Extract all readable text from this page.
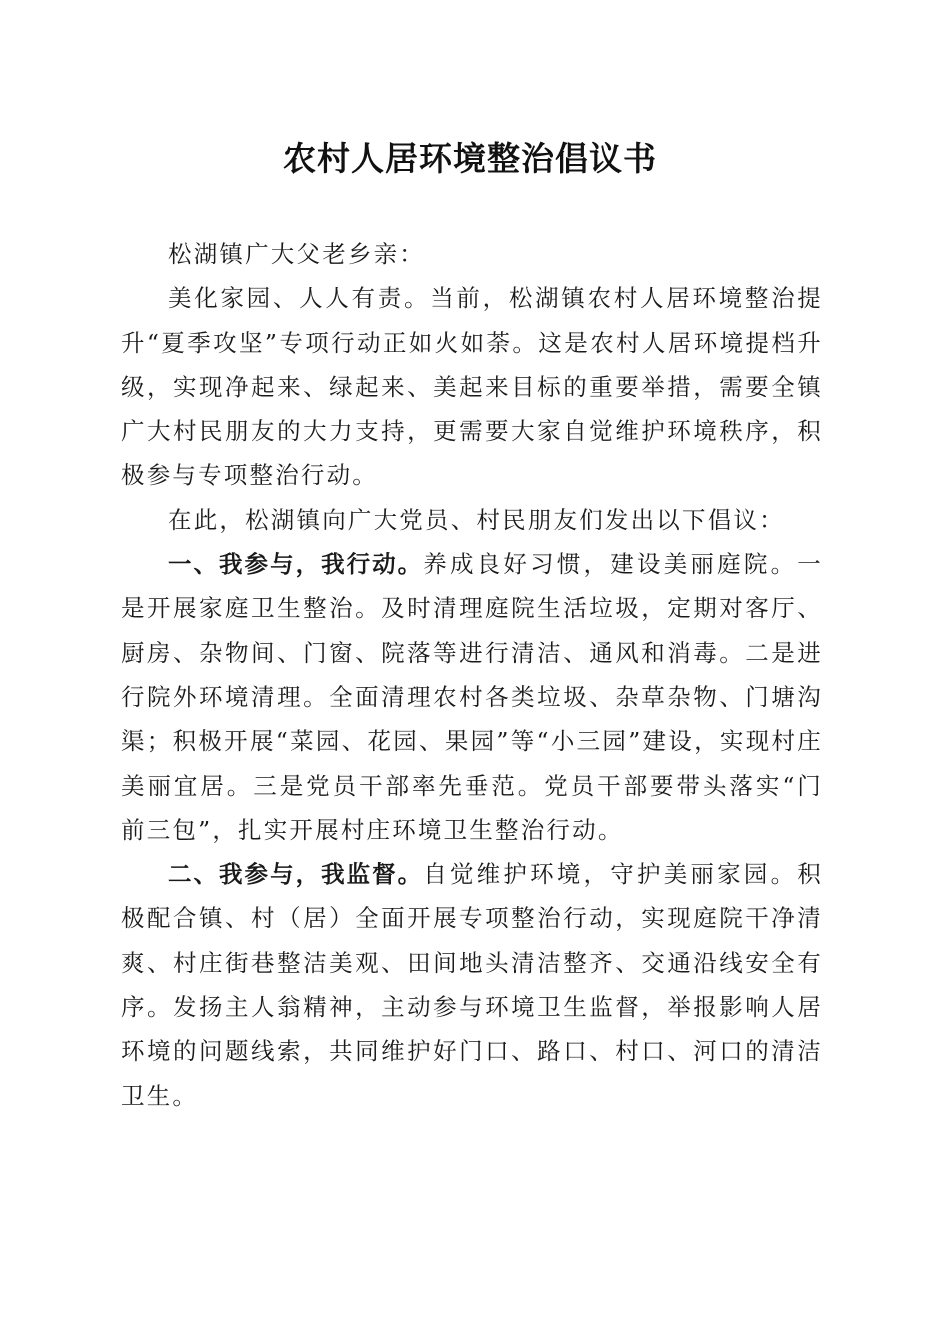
农村人居环境整治倡议书

松湖镇广大父老乡亲：

美化家园、人人有责。当前，松湖镇农村人居环境整治提升“夏季攻坚”专项行动正如火如荼。这是农村人居环境提档升级，实现净起来、绿起来、美起来目标的重要举措，需要全镇广大村民朋友的大力支持，更需要大家自觉维护环境秩序，积极参与专项整治行动。

在此，松湖镇向广大党员、村民朋友们发出以下倡议：

一、我参与，我行动。养成良好习惯，建设美丽庭院。一是开展家庭卫生整治。及时清理庭院生活垃圾，定期对客厅、厨房、杂物间、门窗、院落等进行清洁、通风和消毒。二是进行院外环境清理。全面清理农村各类垃圾、杂草杂物、门塘沟渠；积极开展“菜园、花园、果园”等“小三园”建设，实现村庄美丽宜居。三是党员干部率先垂范。党员干部要带头落实“门前三包”，扎实开展村庄环境卫生整治行动。

二、我参与，我监督。自觉维护环境，守护美丽家园。积极配合镇、村（居）全面开展专项整治行动，实现庭院干净清爽、村庄街巷整洁美观、田间地头清洁整齐、交通沿线安全有序。发扬主人翁精神，主动参与环境卫生监督，举报影响人居环境的问题线索，共同维护好门口、路口、村口、河口的清洁卫生。
